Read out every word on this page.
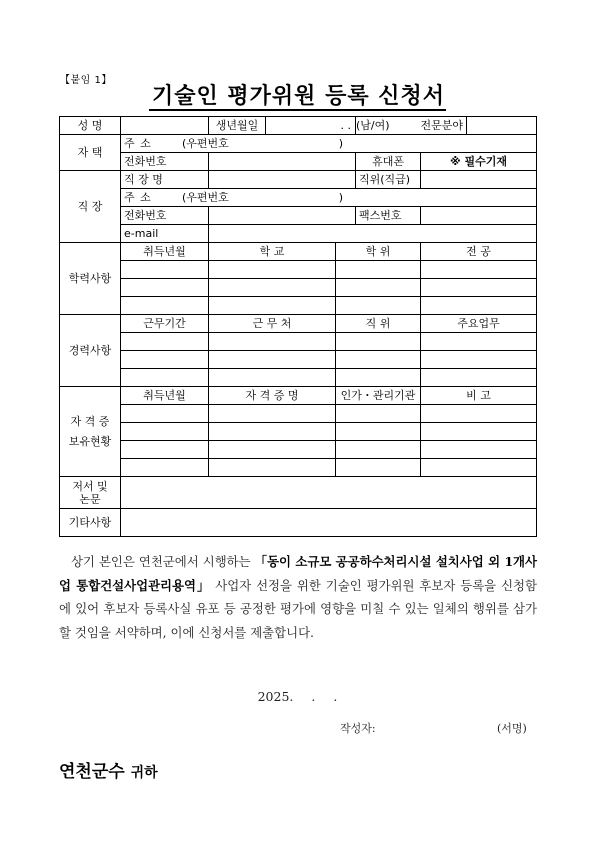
【붙임 1】
기술인 평가위원 등록 신청서
성 명		생년월일	. .		(남/여)	전문분야	
자 택	주 소 (우편번호 )						
	전화번호				휴대폰	※ 필수기재	
직 장	직 장 명				직위(직급)		
	주 소 (우편번호 )						
	전화번호				팩스번호		
	e-mail						
학력사항	취득년월	학 교		학 위		전 공	

경력사항	근무기간	근 무 처		직 위		주요업무	

자 격 증
보유현황	취득년월	자 격 증 명		인가・관리기관		비 고	

저서 및
논문							
기타사항							
상기 본인은 연천군에서 시행하는 「동이 소규모 공공하수처리시설 설치사업 외 1개사업 통합건설사업관리용역」 사업자 선정을 위한 기술인 평가위원 후보자 등록을 신청함에 있어 후보자 등록사실 유포 등 공정한 평가에 영향을 미칠 수 있는 일체의 행위를 삼가 할 것임을 서약하며, 이에 신청서를 제출합니다.
2025. . .
작성자:	(서명)
연천군수 귀하
